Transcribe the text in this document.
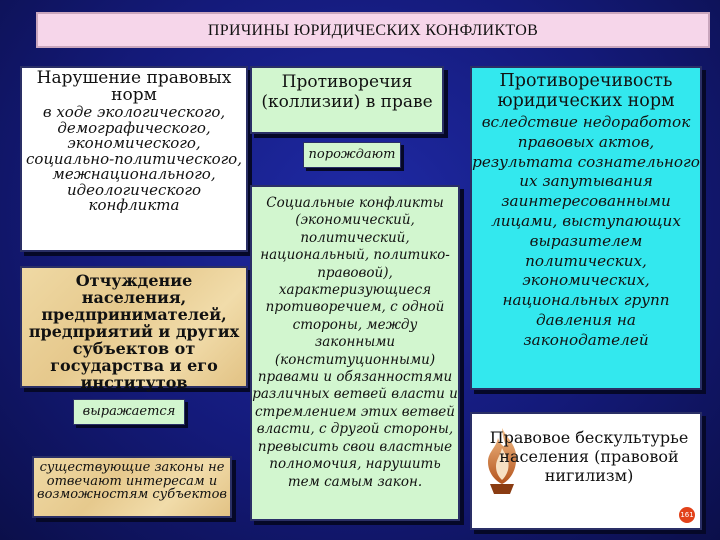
ПРИЧИНЫ ЮРИДИЧЕСКИХ КОНФЛИКТОВ
Нарушение правовых норм
в ходе экологического, демографического, экономического, социально-политического, межнационального, идеологического конфликта
Отчуждение населения, предпринимателей, предприятий и других субъектов от государства и его институтов
выражается
существующие законы не отвечают интересам и возможностям субъектов
Противоречия (коллизии) в праве
порождают
Социальные конфликты (экономический, политический, национальный, политико-правовой), характеризующиеся противоречием, с одной стороны, между законными (конституционными) правами и обязанностями различных ветвей власти и стремлением этих ветвей власти, с другой стороны, превысить свои властные полномочия, нарушить тем самым закон.
Противоречивость юридических норм
вследствие недоработок правовых актов, результата сознательного их запутывания заинтересованными лицами, выступающих выразителем политических, экономических, национальных групп давления на законодателей
Правовое бескультурье населения (правовой нигилизм)
161
